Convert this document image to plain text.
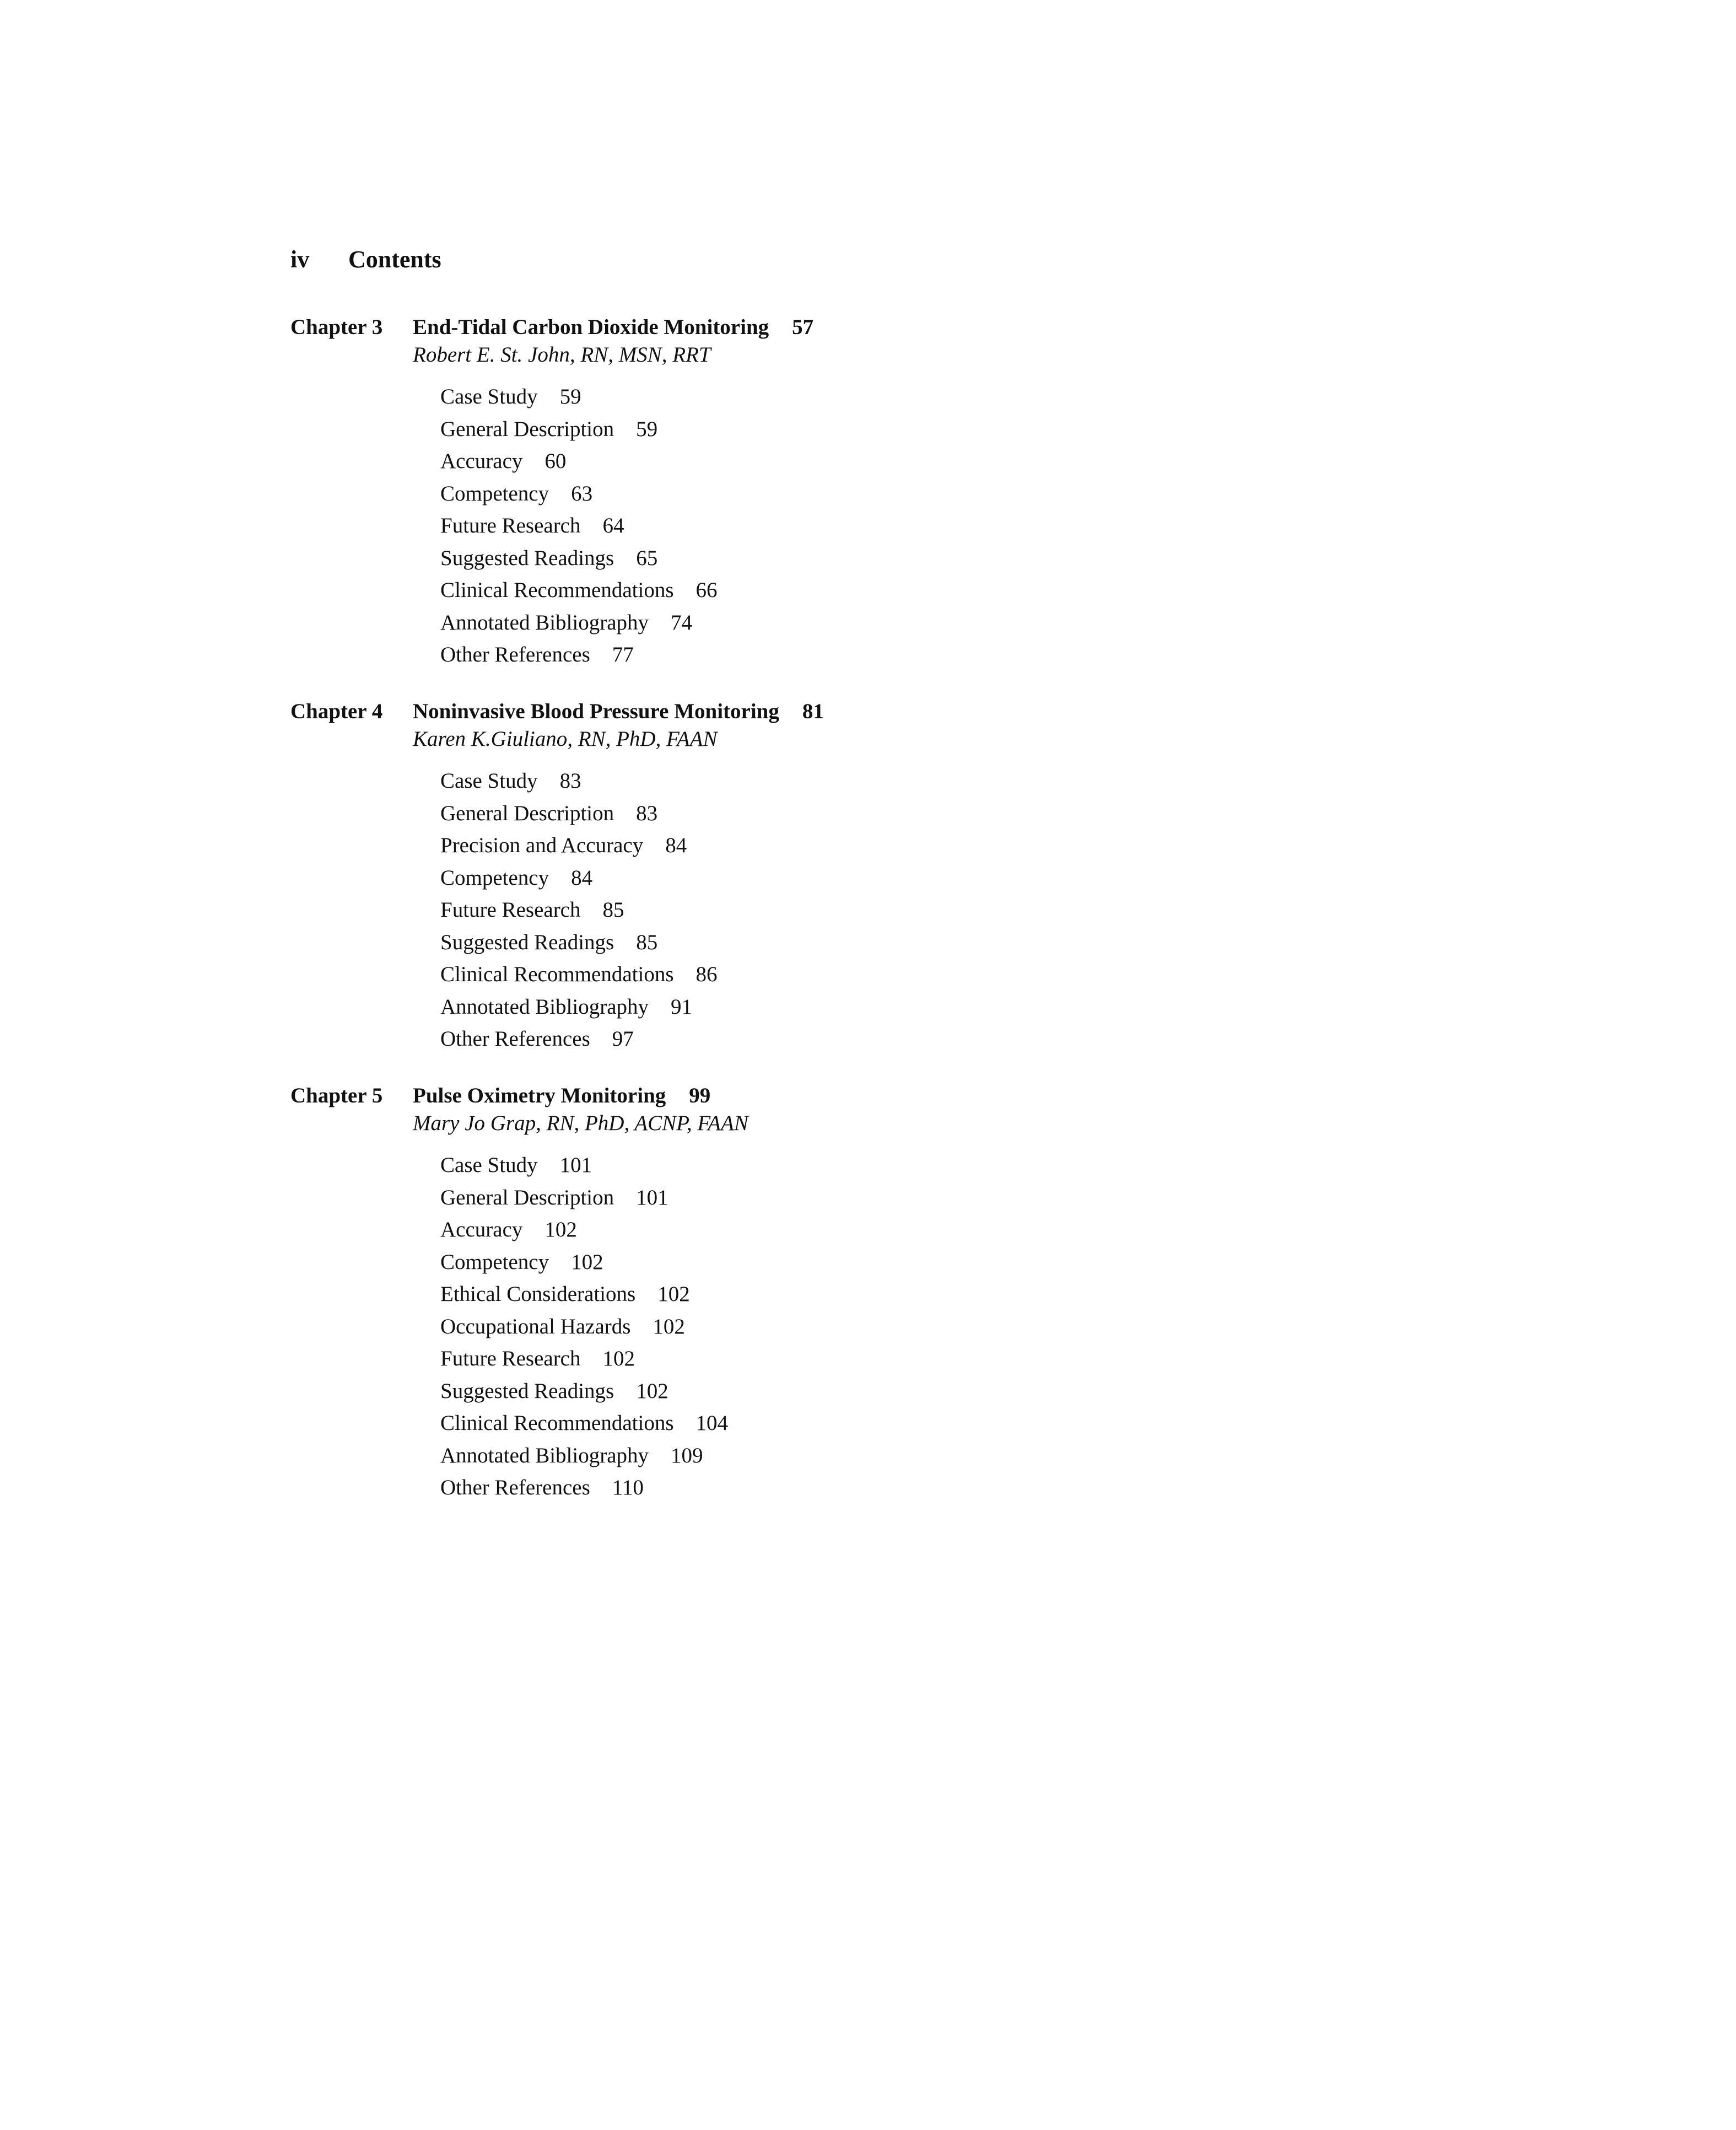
iv Contents
Chapter 3 End-Tidal Carbon Dioxide Monitoring 57
Robert E. St. John, RN, MSN, RRT
Case Study 59
General Description 59
Accuracy 60
Competency 63
Future Research 64
Suggested Readings 65
Clinical Recommendations 66
Annotated Bibliography 74
Other References 77
Chapter 4 Noninvasive Blood Pressure Monitoring 81
Karen K.Giuliano, RN, PhD, FAAN
Case Study 83
General Description 83
Precision and Accuracy 84
Competency 84
Future Research 85
Suggested Readings 85
Clinical Recommendations 86
Annotated Bibliography 91
Other References 97
Chapter 5 Pulse Oximetry Monitoring 99
Mary Jo Grap, RN, PhD, ACNP, FAAN
Case Study 101
General Description 101
Accuracy 102
Competency 102
Ethical Considerations 102
Occupational Hazards 102
Future Research 102
Suggested Readings 102
Clinical Recommendations 104
Annotated Bibliography 109
Other References 110
